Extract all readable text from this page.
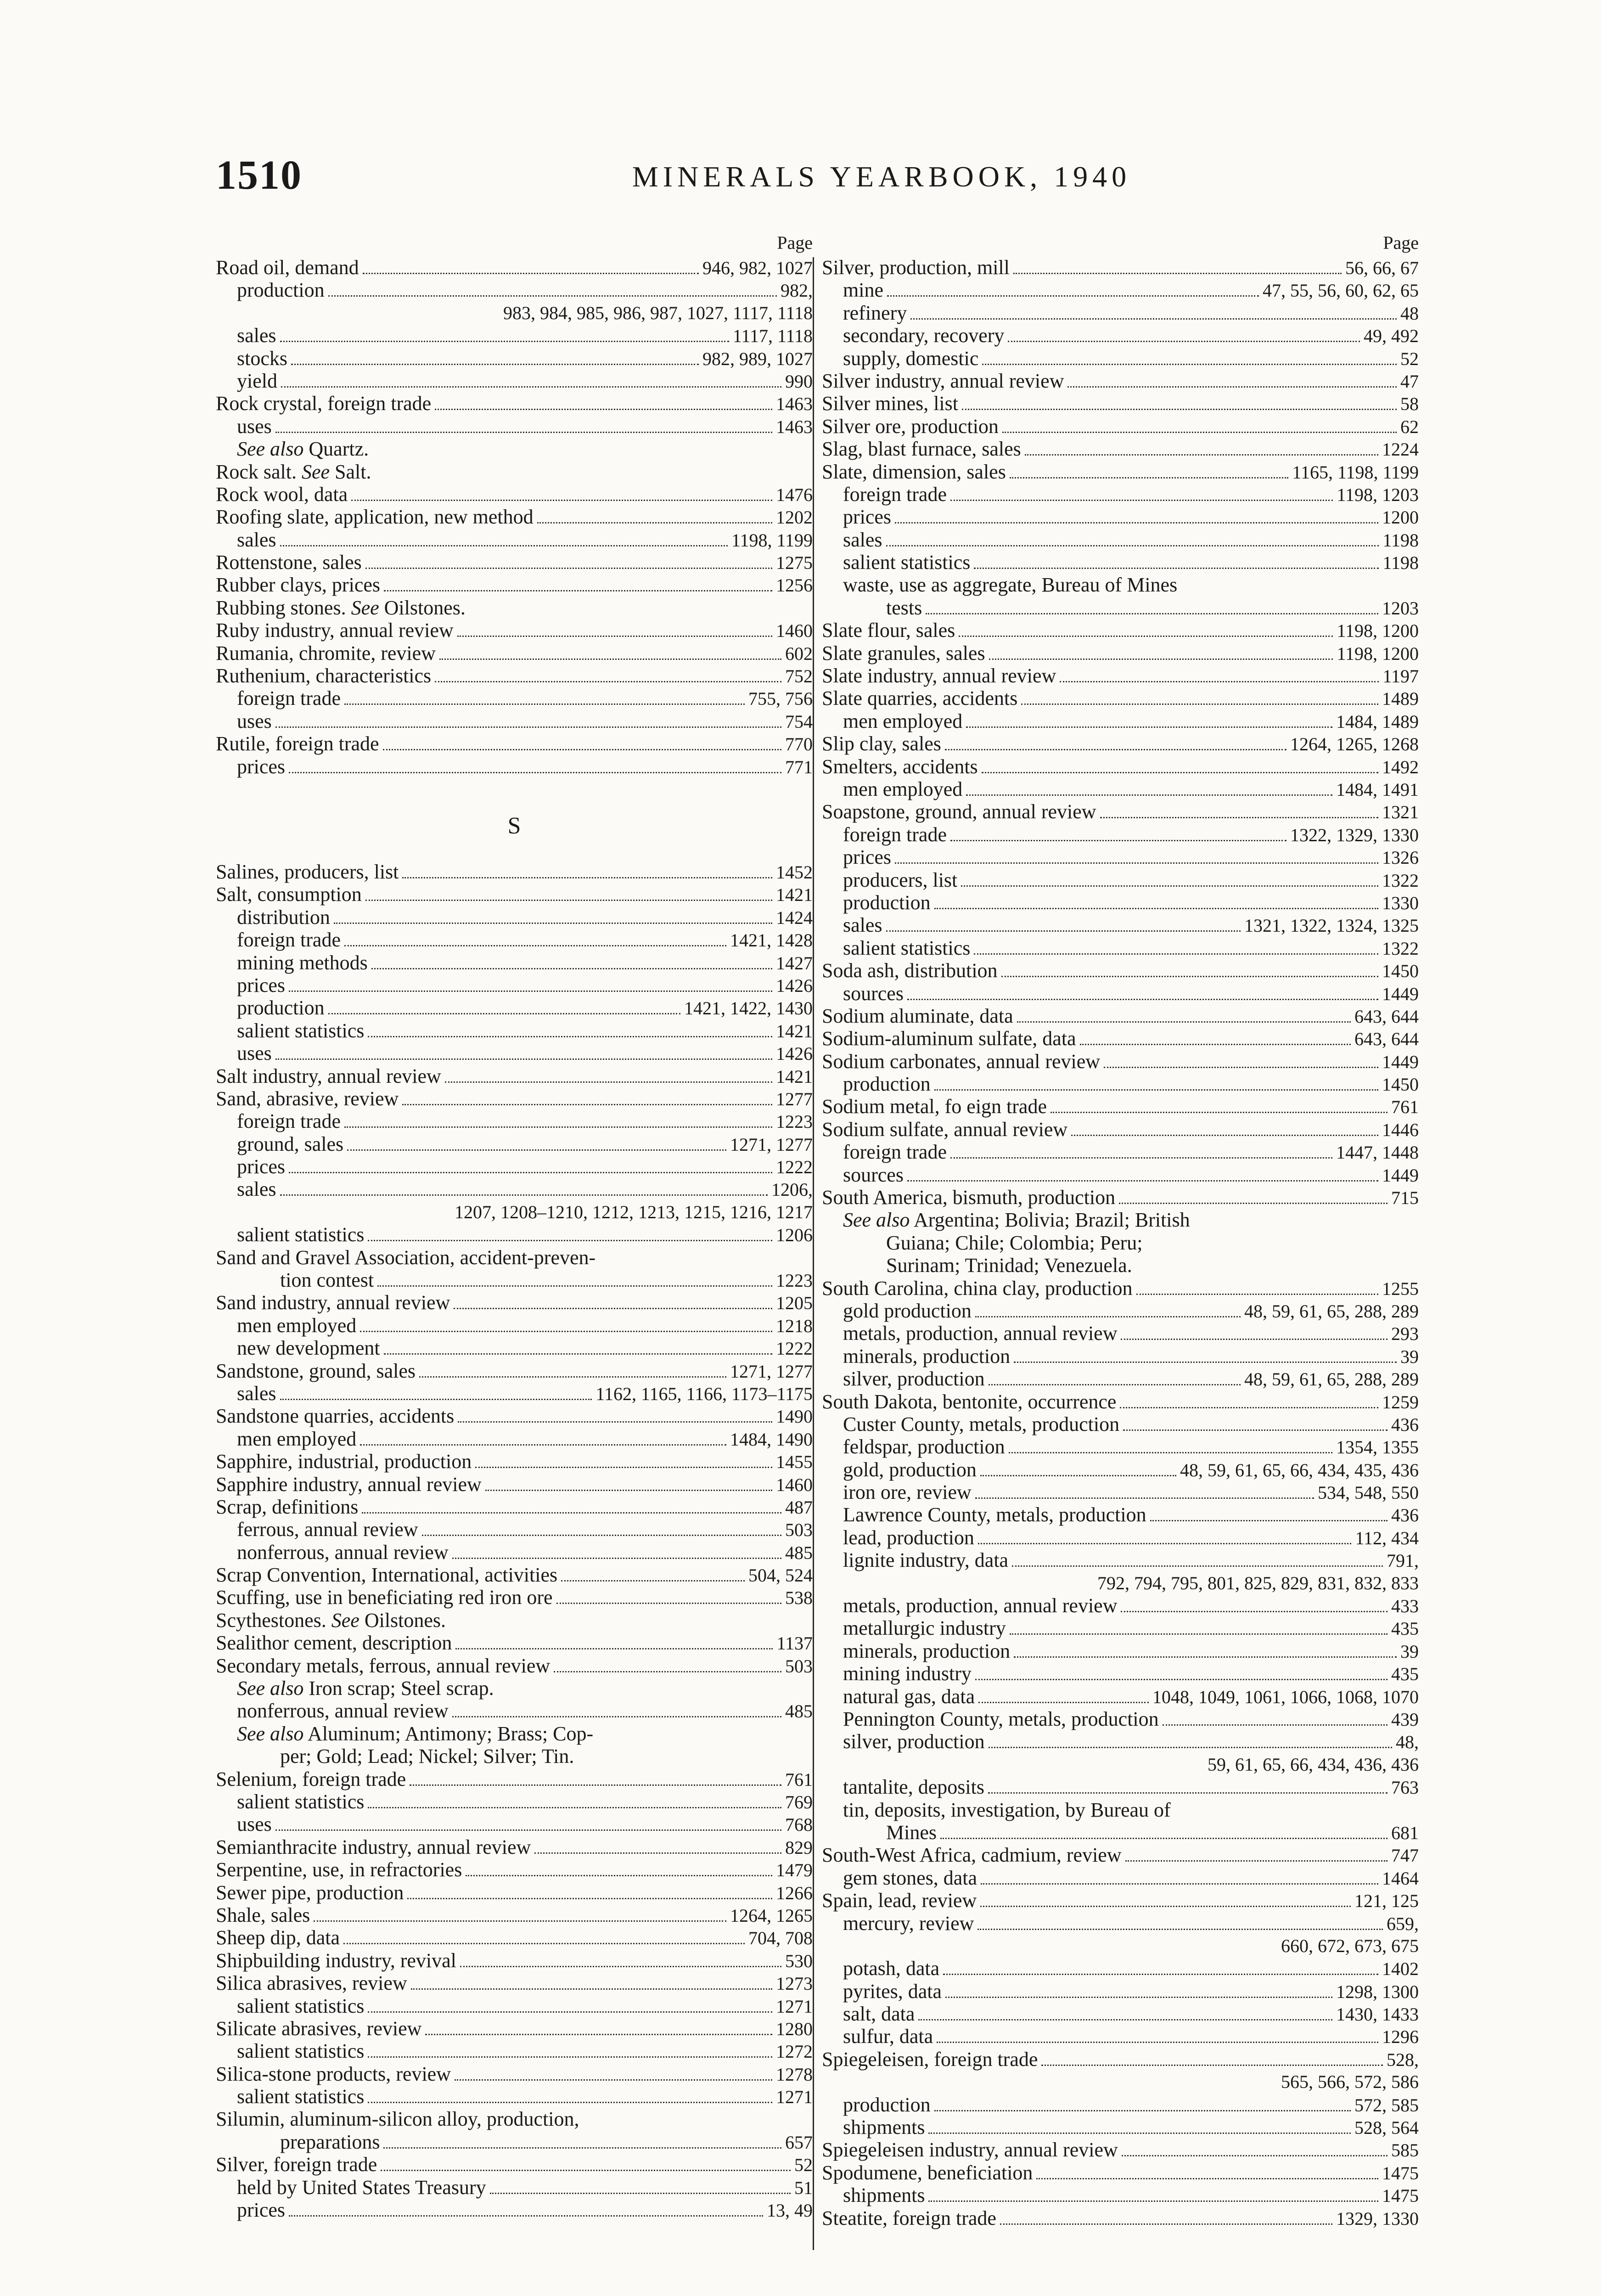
1510	MINERALS YEARBOOK, 1940
Page
Road oil, demand	946, 982, 1027
production	982,
983, 984, 985, 986, 987, 1027, 1117, 1118
sales	1117, 1118
stocks	982, 989, 1027
yield	990
Rock crystal, foreign trade	1463
uses	1463
See also Quartz.
Rock salt. See Salt.
Rock wool, data	1476
Roofing slate, application, new method	1202
sales	1198, 1199
Rottenstone, sales	1275
Rubber clays, prices	1256
Rubbing stones. See Oilstones.
Ruby industry, annual review	1460
Rumania, chromite, review	602
Ruthenium, characteristics	752
foreign trade	755, 756
uses	754
Rutile, foreign trade	770
prices	771
S
Salines, producers, list	1452
Salt, consumption	1421
distribution	1424
foreign trade	1421, 1428
mining methods	1427
prices	1426
production	1421, 1422, 1430
salient statistics	1421
uses	1426
Salt industry, annual review	1421
Sand, abrasive, review	1277
foreign trade	1223
ground, sales	1271, 1277
prices	1222
sales	1206,
1207, 1208–1210, 1212, 1213, 1215, 1216, 1217
salient statistics	1206
Sand and Gravel Association, accident-preven-
tion contest	1223
Sand industry, annual review	1205
men employed	1218
new development	1222
Sandstone, ground, sales	1271, 1277
sales	1162, 1165, 1166, 1173–1175
Sandstone quarries, accidents	1490
men employed	1484, 1490
Sapphire, industrial, production	1455
Sapphire industry, annual review	1460
Scrap, definitions	487
ferrous, annual review	503
nonferrous, annual review	485
Scrap Convention, International, activities	504, 524
Scuffing, use in beneficiating red iron ore	538
Scythestones. See Oilstones.
Sealithor cement, description	1137
Secondary metals, ferrous, annual review	503
See also Iron scrap; Steel scrap.
nonferrous, annual review	485
See also Aluminum; Antimony; Brass; Cop-
per; Gold; Lead; Nickel; Silver; Tin.
Selenium, foreign trade	761
salient statistics	769
uses	768
Semianthracite industry, annual review	829
Serpentine, use, in refractories	1479
Sewer pipe, production	1266
Shale, sales	1264, 1265
Sheep dip, data	704, 708
Shipbuilding industry, revival	530
Silica abrasives, review	1273
salient statistics	1271
Silicate abrasives, review	1280
salient statistics	1272
Silica-stone products, review	1278
salient statistics	1271
Silumin, aluminum-silicon alloy, production,
preparations	657
Silver, foreign trade	52
held by United States Treasury	51
prices	13, 49
Page
Silver, production, mill	56, 66, 67
mine	47, 55, 56, 60, 62, 65
refinery	48
secondary, recovery	49, 492
supply, domestic	52
Silver industry, annual review	47
Silver mines, list	58
Silver ore, production	62
Slag, blast furnace, sales	1224
Slate, dimension, sales	1165, 1198, 1199
foreign trade	1198, 1203
prices	1200
sales	1198
salient statistics	1198
waste, use as aggregate, Bureau of Mines
tests	1203
Slate flour, sales	1198, 1200
Slate granules, sales	1198, 1200
Slate industry, annual review	1197
Slate quarries, accidents	1489
men employed	1484, 1489
Slip clay, sales	1264, 1265, 1268
Smelters, accidents	1492
men employed	1484, 1491
Soapstone, ground, annual review	1321
foreign trade	1322, 1329, 1330
prices	1326
producers, list	1322
production	1330
sales	1321, 1322, 1324, 1325
salient statistics	1322
Soda ash, distribution	1450
sources	1449
Sodium aluminate, data	643, 644
Sodium-aluminum sulfate, data	643, 644
Sodium carbonates, annual review	1449
production	1450
Sodium metal, fo eign trade	761
Sodium sulfate, annual review	1446
foreign trade	1447, 1448
sources	1449
South America, bismuth, production	715
See also Argentina; Bolivia; Brazil; British
Guiana; Chile; Colombia; Peru;
Surinam; Trinidad; Venezuela.
South Carolina, china clay, production	1255
gold production	48, 59, 61, 65, 288, 289
metals, production, annual review	293
minerals, production	39
silver, production	48, 59, 61, 65, 288, 289
South Dakota, bentonite, occurrence	1259
Custer County, metals, production	436
feldspar, production	1354, 1355
gold, production	48, 59, 61, 65, 66, 434, 435, 436
iron ore, review	534, 548, 550
Lawrence County, metals, production	436
lead, production	112, 434
lignite industry, data	791,
792, 794, 795, 801, 825, 829, 831, 832, 833
metals, production, annual review	433
metallurgic industry	435
minerals, production	39
mining industry	435
natural gas, data	1048, 1049, 1061, 1066, 1068, 1070
Pennington County, metals, production	439
silver, production	48,
59, 61, 65, 66, 434, 436, 436
tantalite, deposits	763
tin, deposits, investigation, by Bureau of
Mines	681
South-West Africa, cadmium, review	747
gem stones, data	1464
Spain, lead, review	121, 125
mercury, review	659,
660, 672, 673, 675
potash, data	1402
pyrites, data	1298, 1300
salt, data	1430, 1433
sulfur, data	1296
Spiegeleisen, foreign trade	528,
565, 566, 572, 586
production	572, 585
shipments	528, 564
Spiegeleisen industry, annual review	585
Spodumene, beneficiation	1475
shipments	1475
Steatite, foreign trade	1329, 1330
